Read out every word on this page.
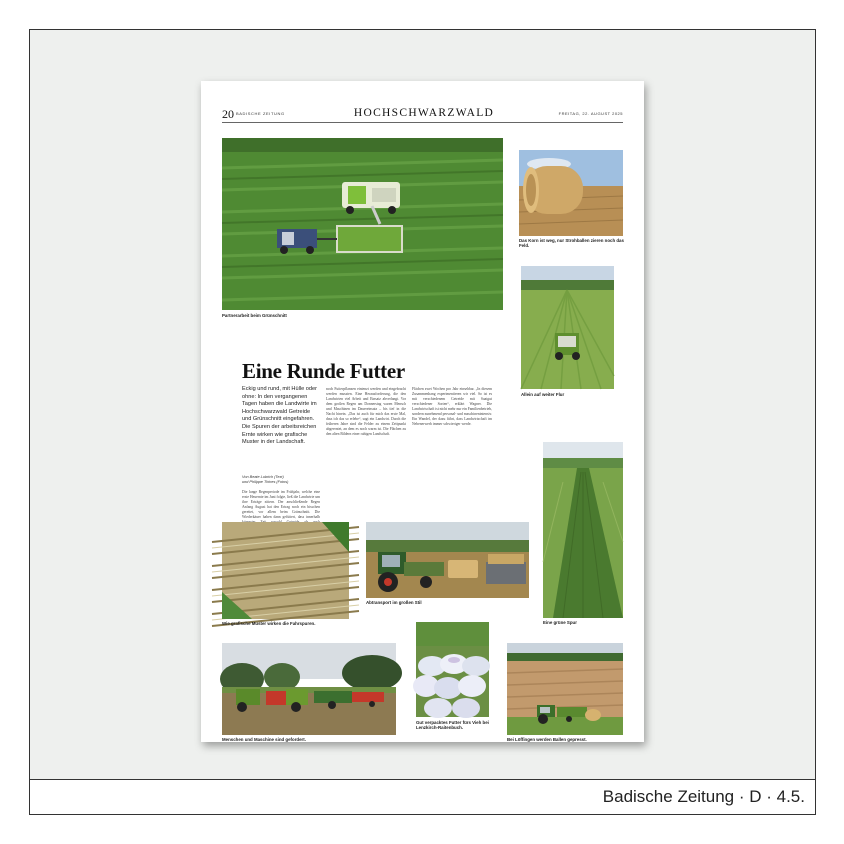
20 BADISCHE ZEITUNG	HOCHSCHWARZWALD	FREITAG, 22. AUGUST 2025
Partnerarbeit beim Grünschnitt
Das Korn ist weg, nur Strohballen zieren noch das Feld.
Allein auf weiter Flur
Eine grüne Spur
Eine Runde Futter
Eckig und rund, mit Hülle oder ohne: In den vergangenen Tagen haben die Landwirte im Hochschwarzwald Getreide und Grünschnitt eingefahren. Die Spuren der arbeitsreichen Ernte wirken wie grafische Muster in der Landschaft.
Von Beate Lubrich (Text)
und Philippe Thines (Fotos)
Die lange Regenperiode im Frühjahr, welche eine erste Heuernte im Juni folgte, ließ die Landwirte um ihre Erträge zittern. Der anschließende Regen Anfang August hat den Ertrag noch ein bisschen gerettet, vor allem beim Grünschnitt. Die Wiederkäuer haben dann gefüttert, dass innerhalb
noch Futterpflanzen eintenzt werden und eingebracht werden mussten. Eine Herausforderung, die den Landwirten viel Arbeit und Einsatz abverlangt. Vor dem großen Regen am Donnerstag waren Mensch und Maschinen im Dauereinsatz – bis tief in die Nacht hinein. „Das ist auch für mich das erste Mal, dass ich das so erlebe“, sagt ein Landwirt. Durch die früheren Jahre sind die Felder zu einem Zeitpunkt abgeerntet, an dem es noch warm ist. Die Flächen zu den alten Bildern einer ruhigen Landschaft.
Flächen zwei Wochen pro Jahr einsehbar. „In diesem Zusammenhang experimentieren wir viel. So ist es mit verschiedenem Getreide mit Saatgut verschiedener Sorten“, erklärt Wagner. Die Landwirtschaft ist nicht mehr nur ein Familienbetrieb, sondern zunehmend personal- und maschinenintensiv. Ein Wandel, der dazu führt, dass Landwirtschaft im Nebenerwerb immer schwieriger werde.
Wie grafische Muster wirken die Fahrspuren.
Abtransport im großen Stil
Menschen und Maschine sind gefordert.
Gut verpacktes Futter fürs Vieh bei Lenzkirch-Raitenbuch.
Bei Löffingen werden Ballen gepresst.
Badische Zeitung · D · 4.5.
